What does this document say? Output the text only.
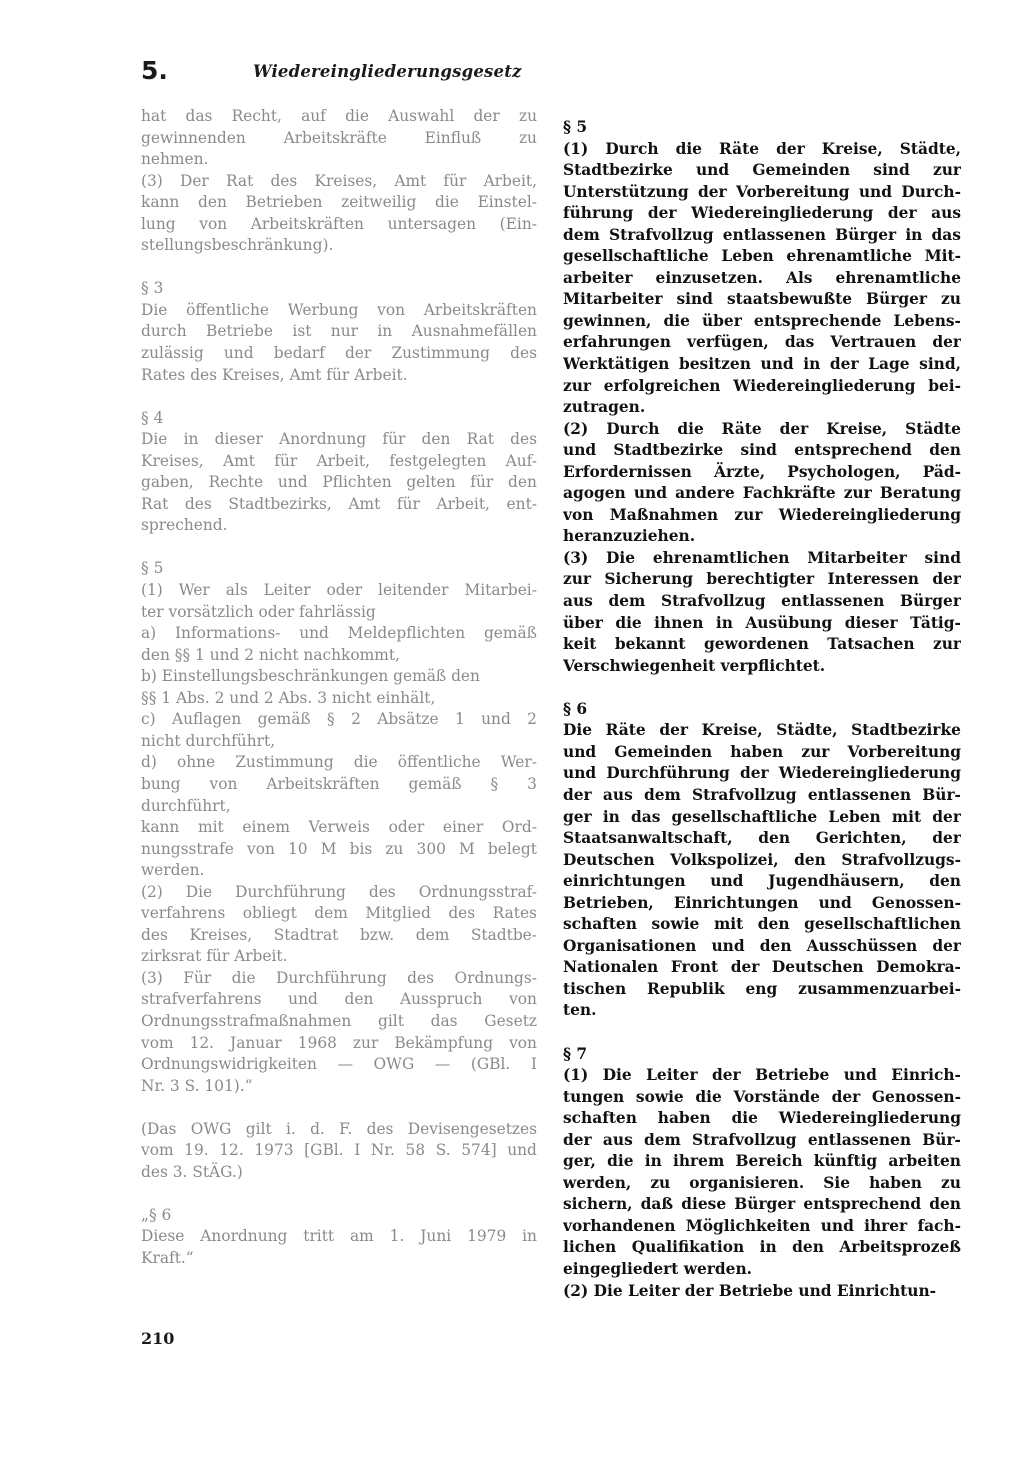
5.	Wiedereingliederungsgesetz
hat das Recht, auf die Auswahl der zu
gewinnenden Arbeitskräfte Einfluß zu
nehmen.
(3) Der Rat des Kreises, Amt für Arbeit,
kann den Betrieben zeitweilig die Einstel-
lung von Arbeitskräften untersagen (Ein-
stellungsbeschränkung).
§ 3
Die öffentliche Werbung von Arbeitskräften
durch Betriebe ist nur in Ausnahmefällen
zulässig und bedarf der Zustimmung des
Rates des Kreises, Amt für Arbeit.
§ 4
Die in dieser Anordnung für den Rat des
Kreises, Amt für Arbeit, festgelegten Auf-
gaben, Rechte und Pflichten gelten für den
Rat des Stadtbezirks, Amt für Arbeit, ent-
sprechend.
§ 5
(1) Wer als Leiter oder leitender Mitarbei-
ter vorsätzlich oder fahrlässig
a) Informations- und Meldepflichten gemäß
den §§ 1 und 2 nicht nachkommt,
b) Einstellungsbeschränkungen gemäß den
§§ 1 Abs. 2 und 2 Abs. 3 nicht einhält,
c) Auflagen gemäß § 2 Absätze 1 und 2
nicht durchführt,
d) ohne Zustimmung die öffentliche Wer-
bung von Arbeitskräften gemäß § 3
durchführt,
kann mit einem Verweis oder einer Ord-
nungsstrafe von 10 M bis zu 300 M belegt
werden.
(2) Die Durchführung des Ordnungsstraf-
verfahrens obliegt dem Mitglied des Rates
des Kreises, Stadtrat bzw. dem Stadtbe-
zirksrat für Arbeit.
(3) Für die Durchführung des Ordnungs-
strafverfahrens und den Ausspruch von
Ordnungsstrafmaßnahmen gilt das Gesetz
vom 12. Januar 1968 zur Bekämpfung von
Ordnungswidrigkeiten — OWG — (GBl. I
Nr. 3 S. 101).“
(Das OWG gilt i. d. F. des Devisengesetzes
vom 19. 12. 1973 [GBl. I Nr. 58 S. 574] und
des 3. StÄG.)
„§ 6
Diese Anordnung tritt am 1. Juni 1979 in
Kraft.“
§ 5
(1) Durch die Räte der Kreise, Städte,
Stadtbezirke und Gemeinden sind zur
Unterstützung der Vorbereitung und Durch-
führung der Wiedereingliederung der aus
dem Strafvollzug entlassenen Bürger in das
gesellschaftliche Leben ehrenamtliche Mit-
arbeiter einzusetzen. Als ehrenamtliche
Mitarbeiter sind staatsbewußte Bürger zu
gewinnen, die über entsprechende Lebens-
erfahrungen verfügen, das Vertrauen der
Werktätigen besitzen und in der Lage sind,
zur erfolgreichen Wiedereingliederung bei-
zutragen.
(2) Durch die Räte der Kreise, Städte
und Stadtbezirke sind entsprechend den
Erfordernissen Ärzte, Psychologen, Päd-
agogen und andere Fachkräfte zur Beratung
von Maßnahmen zur Wiedereingliederung
heranzuziehen.
(3) Die ehrenamtlichen Mitarbeiter sind
zur Sicherung berechtigter Interessen der
aus dem Strafvollzug entlassenen Bürger
über die ihnen in Ausübung dieser Tätig-
keit bekannt gewordenen Tatsachen zur
Verschwiegenheit verpflichtet.
§ 6
Die Räte der Kreise, Städte, Stadtbezirke
und Gemeinden haben zur Vorbereitung
und Durchführung der Wiedereingliederung
der aus dem Strafvollzug entlassenen Bür-
ger in das gesellschaftliche Leben mit der
Staatsanwaltschaft, den Gerichten, der
Deutschen Volkspolizei, den Strafvollzugs-
einrichtungen und Jugendhäusern, den
Betrieben, Einrichtungen und Genossen-
schaften sowie mit den gesellschaftlichen
Organisationen und den Ausschüssen der
Nationalen Front der Deutschen Demokra-
tischen Republik eng zusammenzuarbei-
ten.
§ 7
(1) Die Leiter der Betriebe und Einrich-
tungen sowie die Vorstände der Genossen-
schaften haben die Wiedereingliederung
der aus dem Strafvollzug entlassenen Bür-
ger, die in ihrem Bereich künftig arbeiten
werden, zu organisieren. Sie haben zu
sichern, daß diese Bürger entsprechend den
vorhandenen Möglichkeiten und ihrer fach-
lichen Qualifikation in den Arbeitsprozeß
eingegliedert werden.
(2) Die Leiter der Betriebe und Einrichtun-
210
